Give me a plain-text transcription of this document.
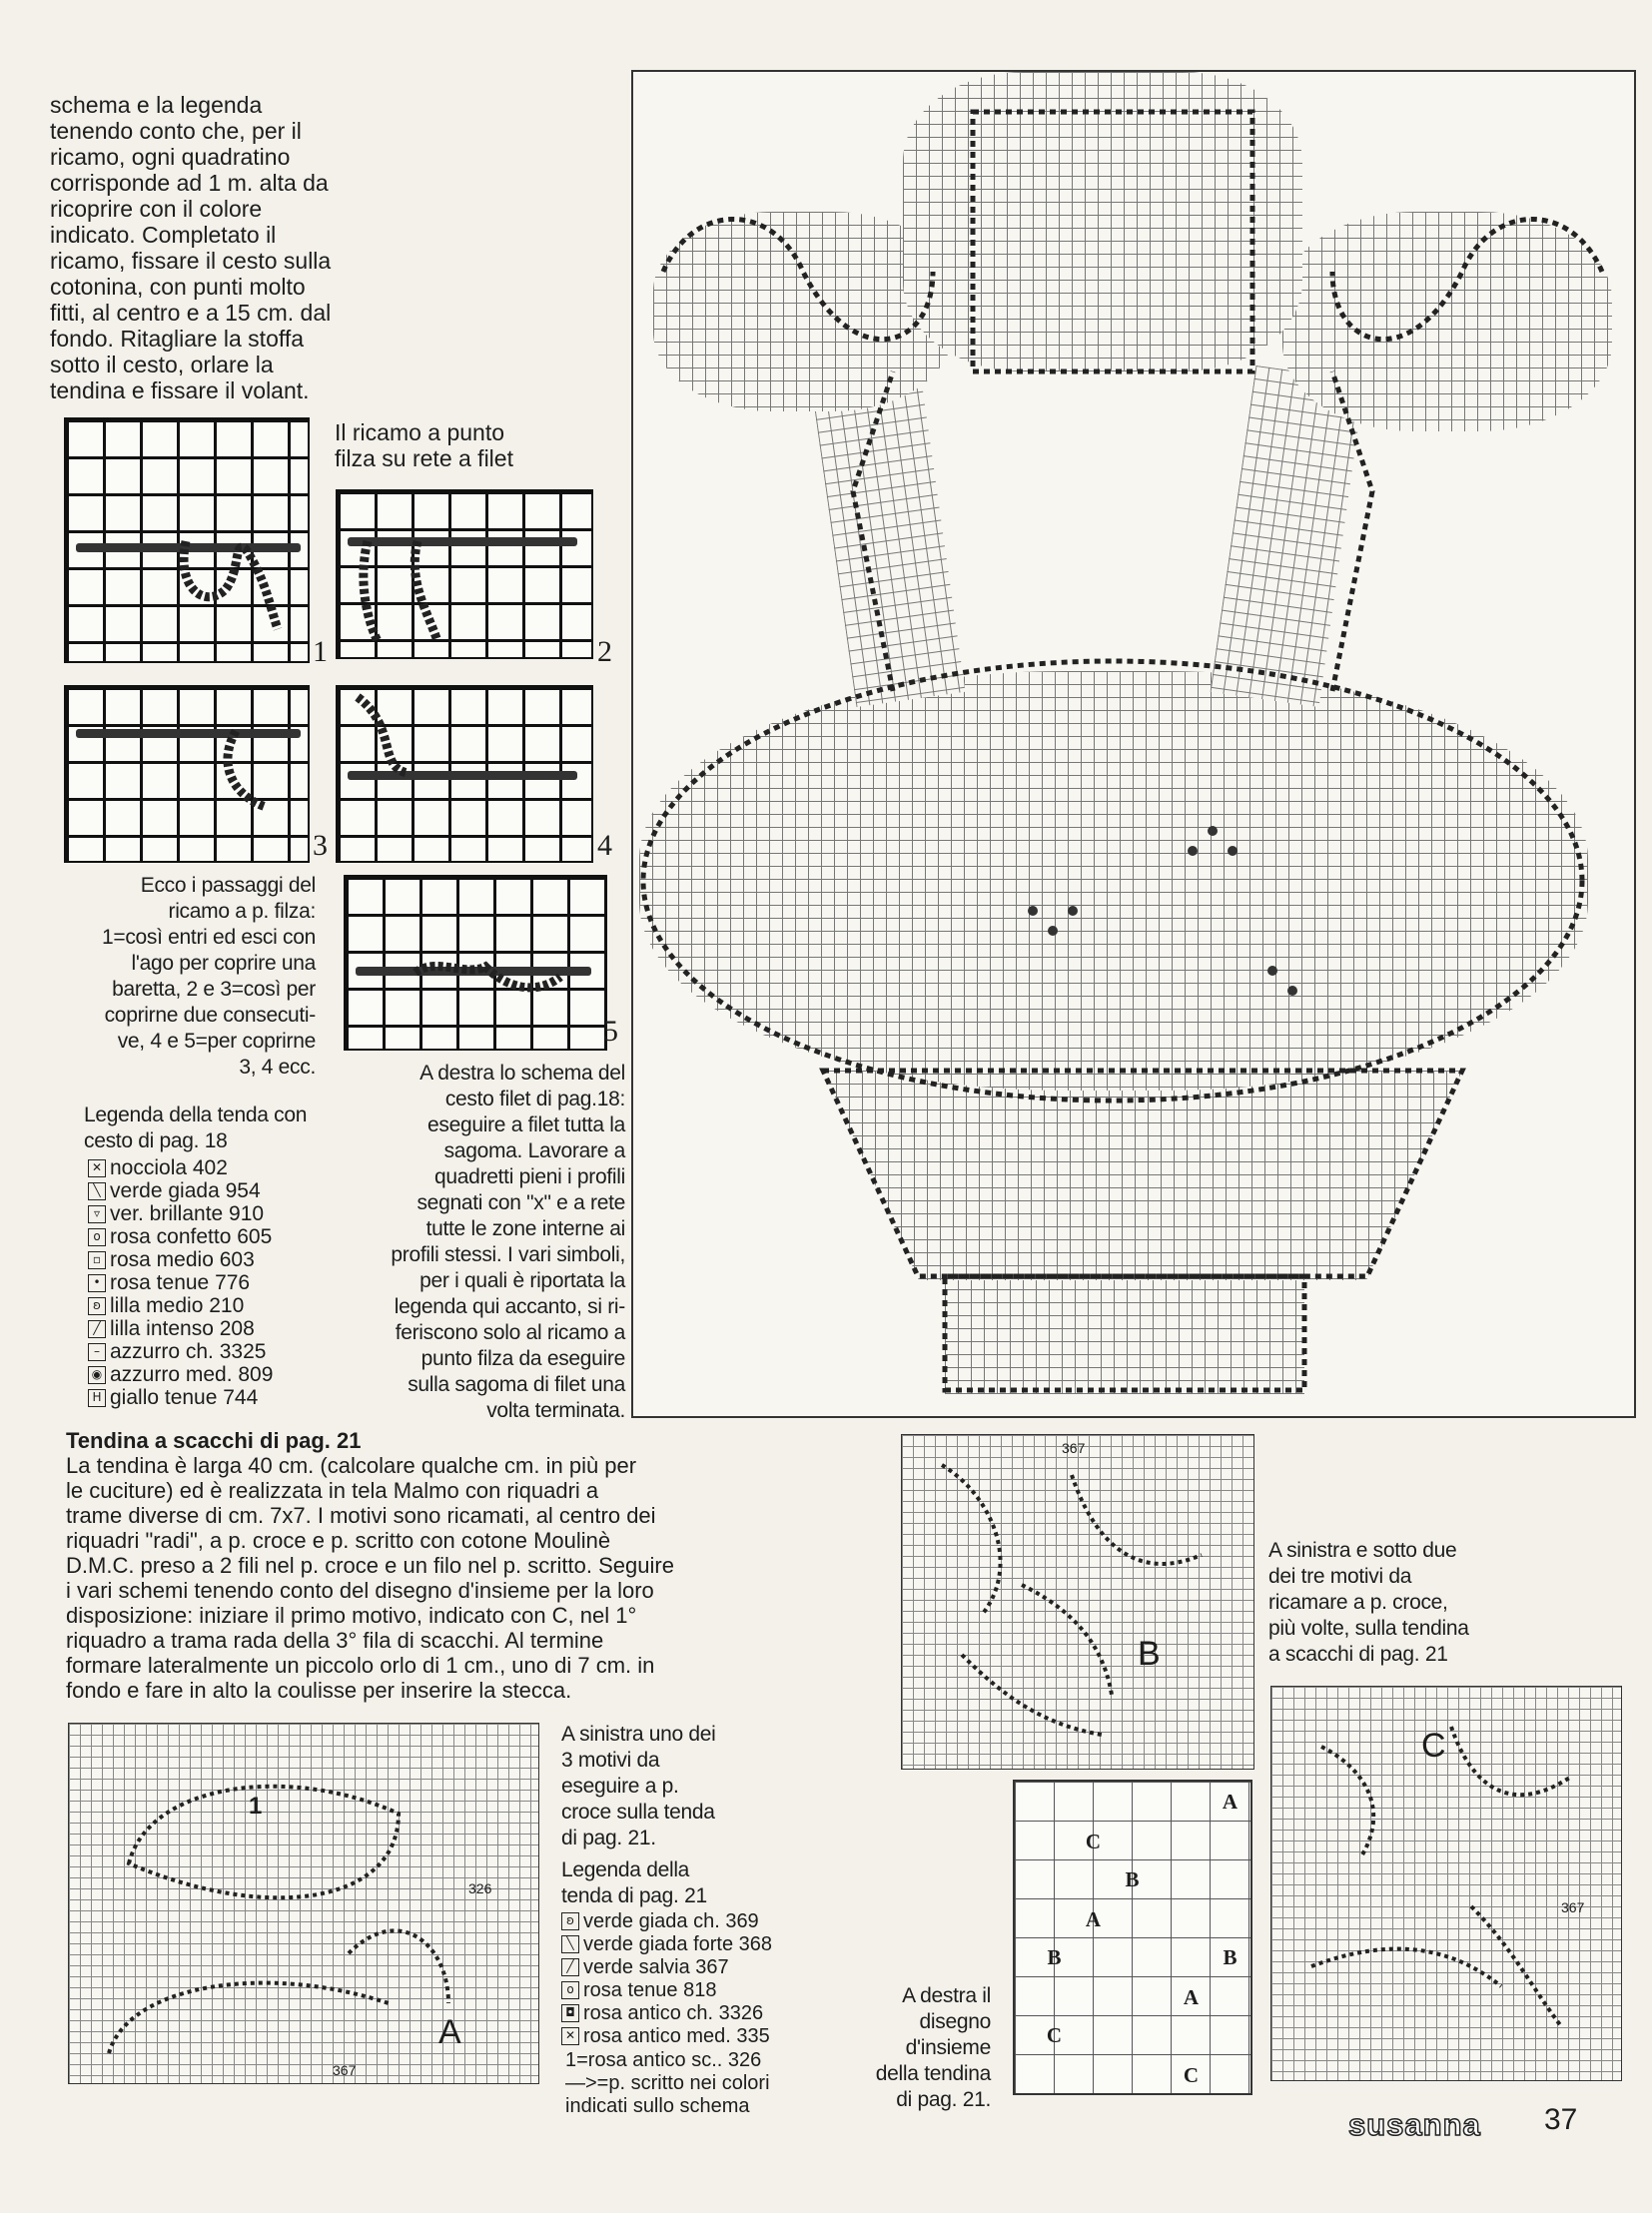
schema e la legenda
tenendo conto che, per il
ricamo, ogni quadratino
corrisponde ad 1 m. alta da
ricoprire con il colore
indicato. Completato il
ricamo, fissare il cesto sulla
cotonina, con punti molto
fitti, al centro e a 15 cm. dal
fondo. Ritagliare la stoffa
sotto il cesto, orlare la
tendina e fissare il volant.
Il ricamo a punto
filza su rete a filet
1	2
3	4
5
Ecco i passaggi del
ricamo a p. filza:
1=così entri ed esci con
l'ago per coprire una
baretta, 2 e 3=così per
coprirne due consecuti-
ve, 4 e 5=per coprirne
3, 4 ecc.
Legenda della tenda con
cesto di pag. 18
✕ nocciola 402
╲ verde giada 954
▿ ver. brillante 910
o rosa confetto 605
▫ rosa medio 603
• rosa tenue 776
ʚ lilla medio 210
╱ lilla intenso 208
– azzurro ch. 3325
◉ azzurro med. 809
H giallo tenue 744
A destra lo schema del
cesto filet di pag.18:
eseguire a filet tutta la
sagoma. Lavorare a
quadretti pieni i profili
segnati con "x" e a rete
tutte le zone interne ai
profili stessi. I vari simboli,
per i quali è riportata la
legenda qui accanto, si ri-
feriscono solo al ricamo a
punto filza da eseguire
sulla sagoma di filet una
volta terminata.
Tendina a scacchi di pag. 21
La tendina è larga 40 cm. (calcolare qualche cm. in più per
le cuciture) ed è realizzata in tela Malmo con riquadri a
trame diverse di cm. 7x7. I motivi sono ricamati, al centro dei
riquadri "radi", a p. croce e p. scritto con cotone Moulinè
D.M.C. preso a 2 fili nel p. croce e un filo nel p. scritto. Seguire
i vari schemi tenendo conto del disegno d'insieme per la loro
disposizione: iniziare il primo motivo, indicato con C, nel 1°
riquadro a trama rada della 3° fila di scacchi. Al termine
formare lateralmente un piccolo orlo di 1 cm., uno di 7 cm. in
fondo e fare in alto la coulisse per inserire la stecca.
A
1
326
367
A sinistra uno dei
3 motivi da
eseguire a p.
croce sulla tenda
di pag. 21.
Legenda della
tenda di pag. 21
ʚ verde giada ch. 369
╲ verde giada forte 368
╱ verde salvia 367
o rosa tenue 818
◘ rosa antico ch. 3326
✕ rosa antico med. 335
1=rosa antico sc.. 326
—>=p. scritto nei colori
indicati sullo schema
B
367
A sinistra e sotto due
dei tre motivi da
ricamare a p. croce,
più volte, sulla tendina
a scacchi di pag. 21
C
367
A
C
B
A
B	B
A
C
C
A destra il
disegno
d'insieme
della tendina
di pag. 21.
susanna 37
